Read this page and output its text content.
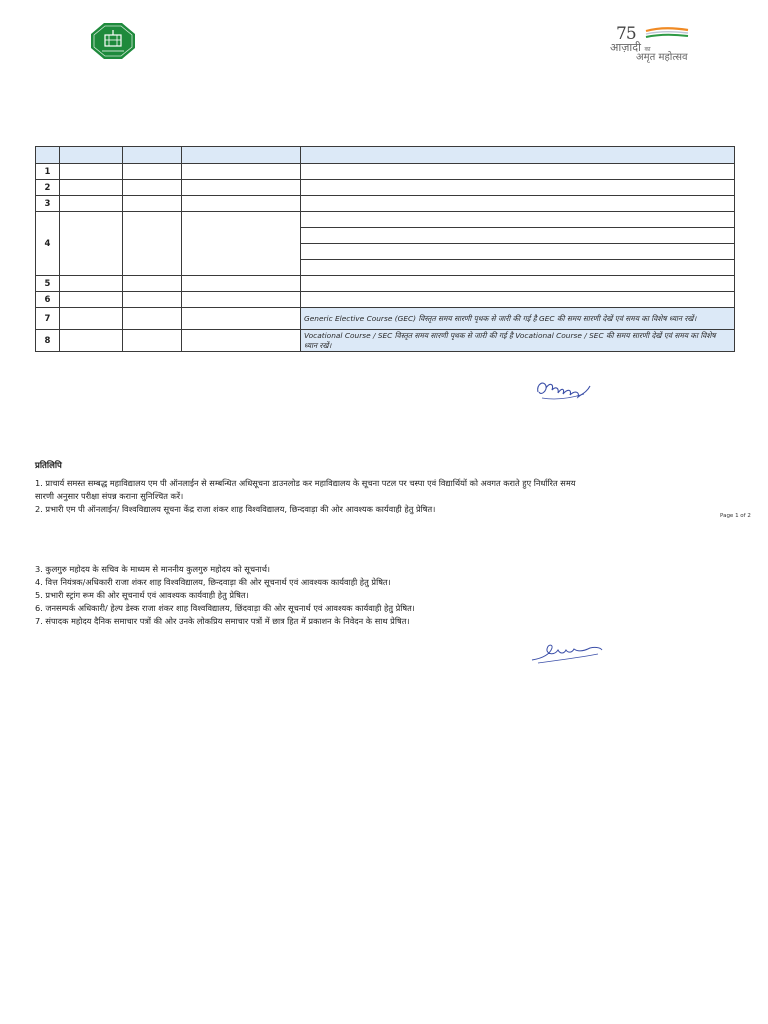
75
आज़ादी का
अमृत महोत्सव

1				
2				
3				
4				

5				
6				
7				Generic Elective Course (GEC) विस्तृत समय सारणी पृथक से जारी की गई है GEC की समय सारणी देखें एवं समय का विशेष ध्यान रखें।
8				Vocational Course / SEC विस्तृत समय सारणी पृथक से जारी की गई है Vocational Course / SEC की समय सारणी देखें एवं समय का विशेष ध्यान रखें।
प्रतिलिपि
1. प्राचार्य समस्त सम्बद्ध महाविद्यालय एम पी ऑनलाईन से सम्बन्धित अधिसूचना डाउनलोड कर महाविद्यालय के सूचना पटल पर चस्पा एवं विद्यार्थियों को अवगत कराते हुए निर्धारित समय
सारणी अनुसार परीक्षा संपन्न कराना सुनिश्चित करें।
2. प्रभारी एम पी ऑनलाईन/ विश्वविद्यालय सूचना केंद्र राजा शंकर शाह विश्वविद्यालय, छिन्दवाड़ा की ओर आवश्यक कार्यवाही हेतु प्रेषित।
Page 1 of 2
3. कुलगुरु महोदय के सचिव के माध्यम से माननीय कुलगुरु महोदय को सूचनार्थ।
4. वित्त नियंत्रक/अधिकारी राजा शंकर शाह विश्वविद्यालय, छिन्दवाड़ा की ओर सूचनार्थ एवं आवश्यक कार्यवाही हेतु प्रेषित।
5. प्रभारी स्ट्रांग रूम की ओर सूचनार्थ एवं आवश्यक कार्यवाही हेतु प्रेषित।
6. जनसम्पर्क अधिकारी/ हेल्प डेस्क राजा शंकर शाह विश्वविद्यालय, छिंदवाड़ा की ओर सूचनार्थ एवं आवश्यक कार्यवाही हेतु प्रेषित।
7. संपादक महोदय दैनिक समाचार पत्रों की ओर उनके लोकप्रिय समाचार पत्रों में छात्र हित में प्रकाशन के निवेदन के साथ प्रेषित।
